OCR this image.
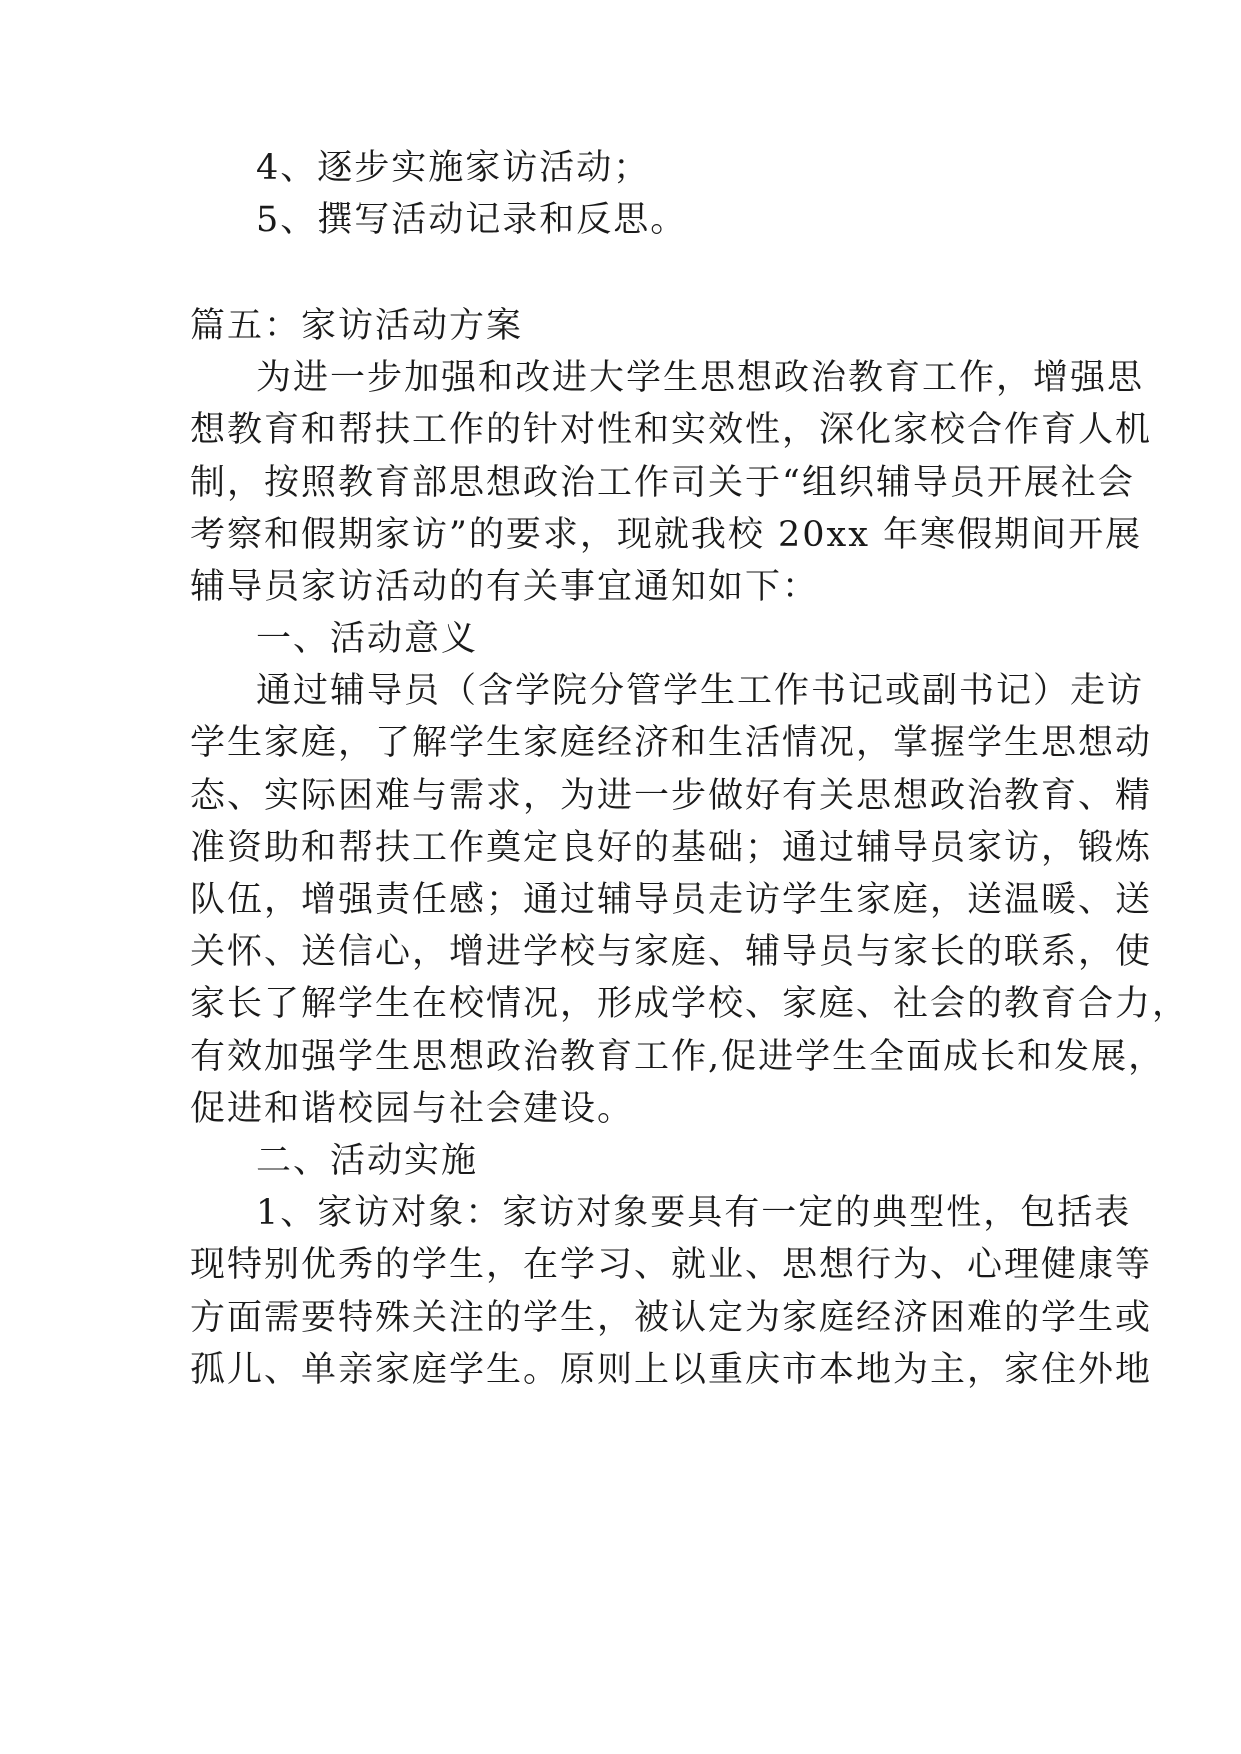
4、逐步实施家访活动；
5、撰写活动记录和反思。
篇五：家访活动方案
为进一步加强和改进大学生思想政治教育工作，增强思
想教育和帮扶工作的针对性和实效性，深化家校合作育人机
制，按照教育部思想政治工作司关于“组织辅导员开展社会
考察和假期家访”的要求，现就我校 20xx 年寒假期间开展
辅导员家访活动的有关事宜通知如下：
一、活动意义
通过辅导员（含学院分管学生工作书记或副书记）走访
学生家庭，了解学生家庭经济和生活情况，掌握学生思想动
态、实际困难与需求，为进一步做好有关思想政治教育、精
准资助和帮扶工作奠定良好的基础；通过辅导员家访，锻炼
队伍，增强责任感；通过辅导员走访学生家庭，送温暖、送
关怀、送信心，增进学校与家庭、辅导员与家长的联系，使
家长了解学生在校情况，形成学校、家庭、社会的教育合力，
有效加强学生思想政治教育工作,促进学生全面成长和发展，
促进和谐校园与社会建设。
二、活动实施
1、家访对象：家访对象要具有一定的典型性，包括表
现特别优秀的学生，在学习、就业、思想行为、心理健康等
方面需要特殊关注的学生，被认定为家庭经济困难的学生或
孤儿、单亲家庭学生。原则上以重庆市本地为主，家住外地
